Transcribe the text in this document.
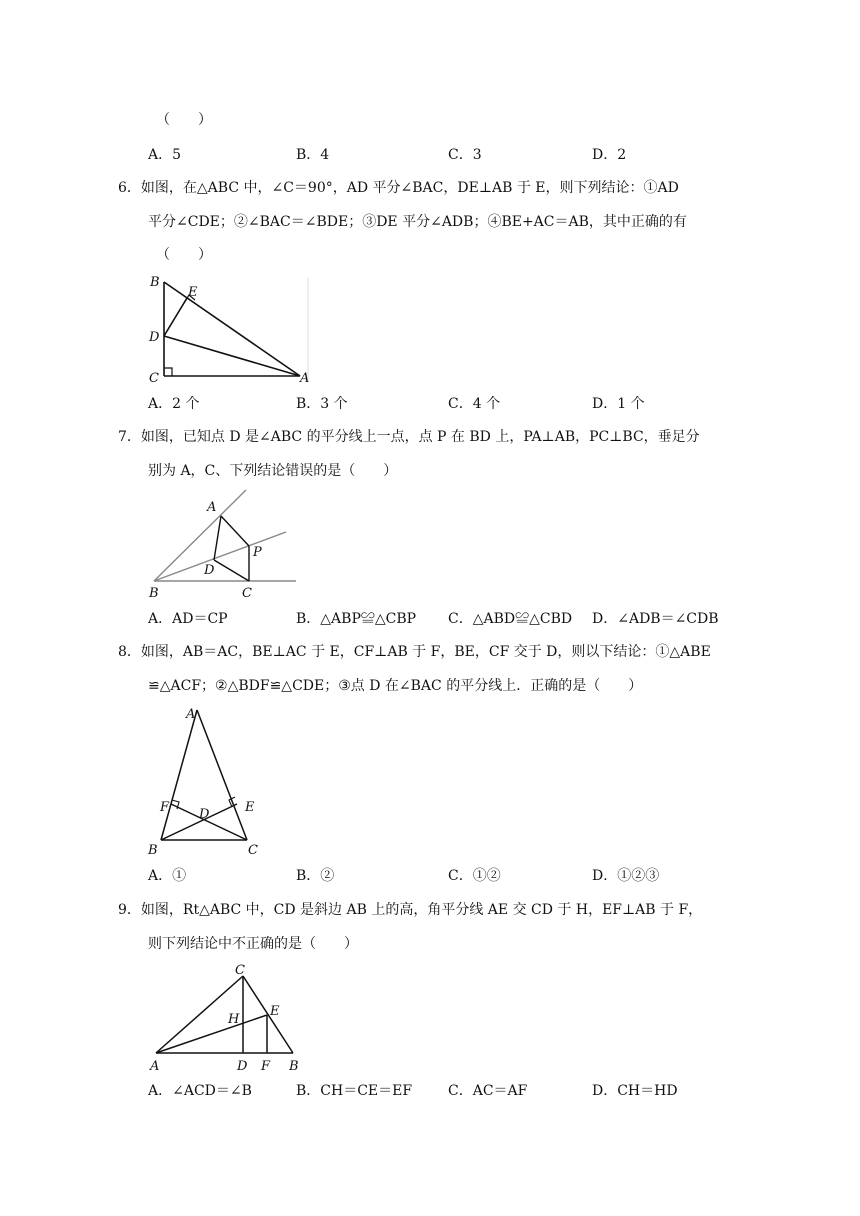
（　　）
A．5	B．4	C．3	D．2
6．如图，在△ABC 中，∠C＝90°，AD 平分∠BAC，DE⊥AB 于 E，则下列结论：①AD
平分∠CDE；②∠BAC＝∠BDE；③DE 平分∠ADB；④BE+AC＝AB，其中正确的有
（　　）
B
E
D
C	A
A．2 个	B．3 个	C．4 个	D．1 个
7．如图，已知点 D 是∠ABC 的平分线上一点，点 P 在 BD 上，PA⊥AB，PC⊥BC，垂足分
别为 A，C、下列结论错误的是（　　）
A
P
D
B	C
A．AD＝CP	B．△ABP≌△CBP C．△ABD≌△CBD D．∠ADB＝∠CDB
8．如图，AB＝AC，BE⊥AC 于 E，CF⊥AB 于 F，BE，CF 交于 D，则以下结论：①△ABE
≌△ACF；②△BDF≌△CDE；③点 D 在∠BAC 的平分线上．正确的是（　　）
A
F D	E
B	C
A．①	B．②	C．①②	D．①②③
9．如图，Rt△ABC 中，CD 是斜边 AB 上的高，角平分线 AE 交 CD 于 H，EF⊥AB 于 F，
则下列结论中不正确的是（　　）
C
H
E
A	D F B
A．∠ACD＝∠B	B．CH＝CE＝EF	C．AC＝AF	D．CH＝HD
